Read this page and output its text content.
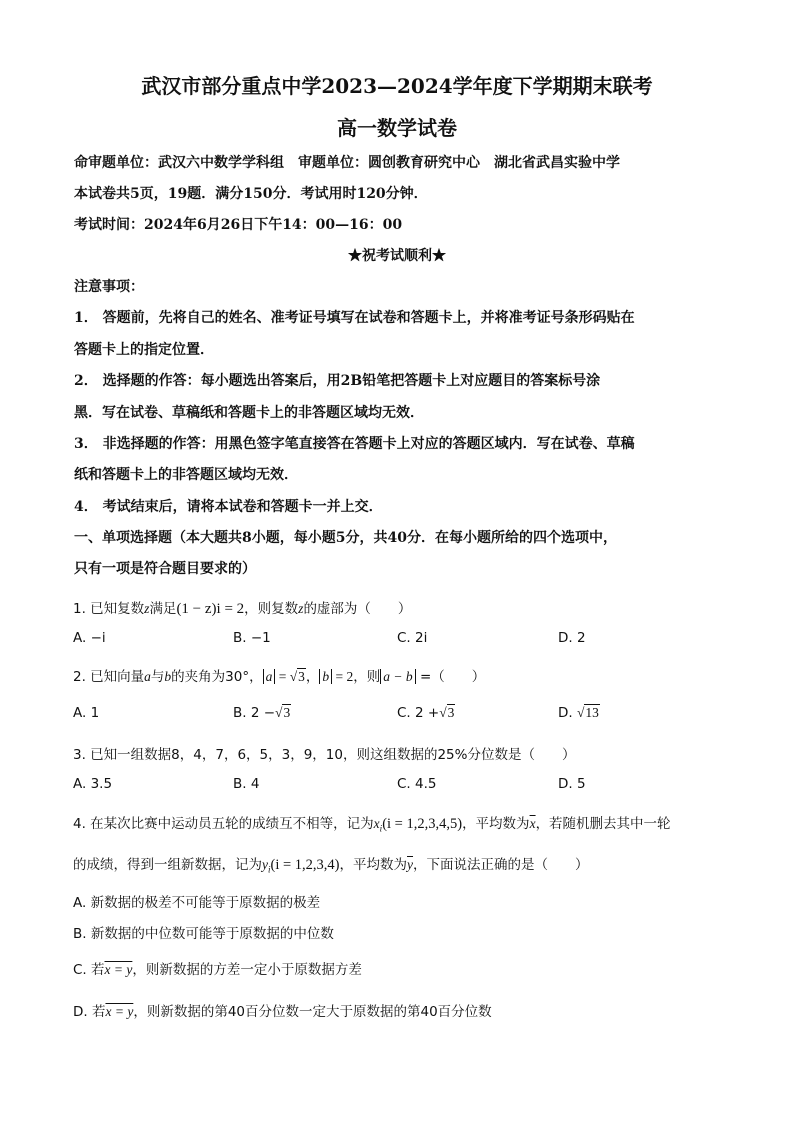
武汉市部分重点中学2023—2024学年度下学期期末联考
高一数学试卷
命审题单位：武汉六中数学学科组　审题单位：圆创教育研究中心　湖北省武昌实验中学
本试卷共5页，19题．满分150分．考试用时120分钟．
考试时间：2024年6月26日下午14：00—16：00
★祝考试顺利★
注意事项：
1． 答题前，先将自己的姓名、准考证号填写在试卷和答题卡上，并将准考证号条形码贴在
答题卡上的指定位置．
2． 选择题的作答：每小题选出答案后，用2B铅笔把答题卡上对应题目的答案标号涂
黑．写在试卷、草稿纸和答题卡上的非答题区域均无效．
3． 非选择题的作答：用黑色签字笔直接答在答题卡上对应的答题区域内．写在试卷、草稿
纸和答题卡上的非答题区域均无效．
4． 考试结束后，请将本试卷和答题卡一并上交．
一、单项选择题（本大题共8小题，每小题5分，共40分．在每小题所给的四个选项中，
只有一项是符合题目要求的）
1. 已知复数z满足(1 − z)i = 2，则复数z的虚部为（　　）
A. −i	B. −1	C. 2i	D. 2
2. 已知向量a与b的夹角为30°， a = √3， b = 2，则 a − b =（　　）
A. 1	B. 2 −√3	C. 2 +√3	D. √13
3. 已知一组数据8，4，7，6，5，3，9，10，则这组数据的25%分位数是（　　）
A. 3.5	B. 4	C. 4.5	D. 5
4. 在某次比赛中运动员五轮的成绩互不相等，记为$x_i(i = 1,2,3,4,5)$，平均数为$\overline{x}$，若随机删去其中一轮
的成绩，得到一组新数据，记为$y_i(i = 1,2,3,4)$，平均数为$\overline{y}$，下面说法正确的是（　　）
A. 新数据的极差不可能等于原数据的极差
B. 新数据的中位数可能等于原数据的中位数
C. 若x = y，则新数据的方差一定小于原数据方差
D. 若x = y，则新数据的第40百分位数一定大于原数据的第40百分位数
